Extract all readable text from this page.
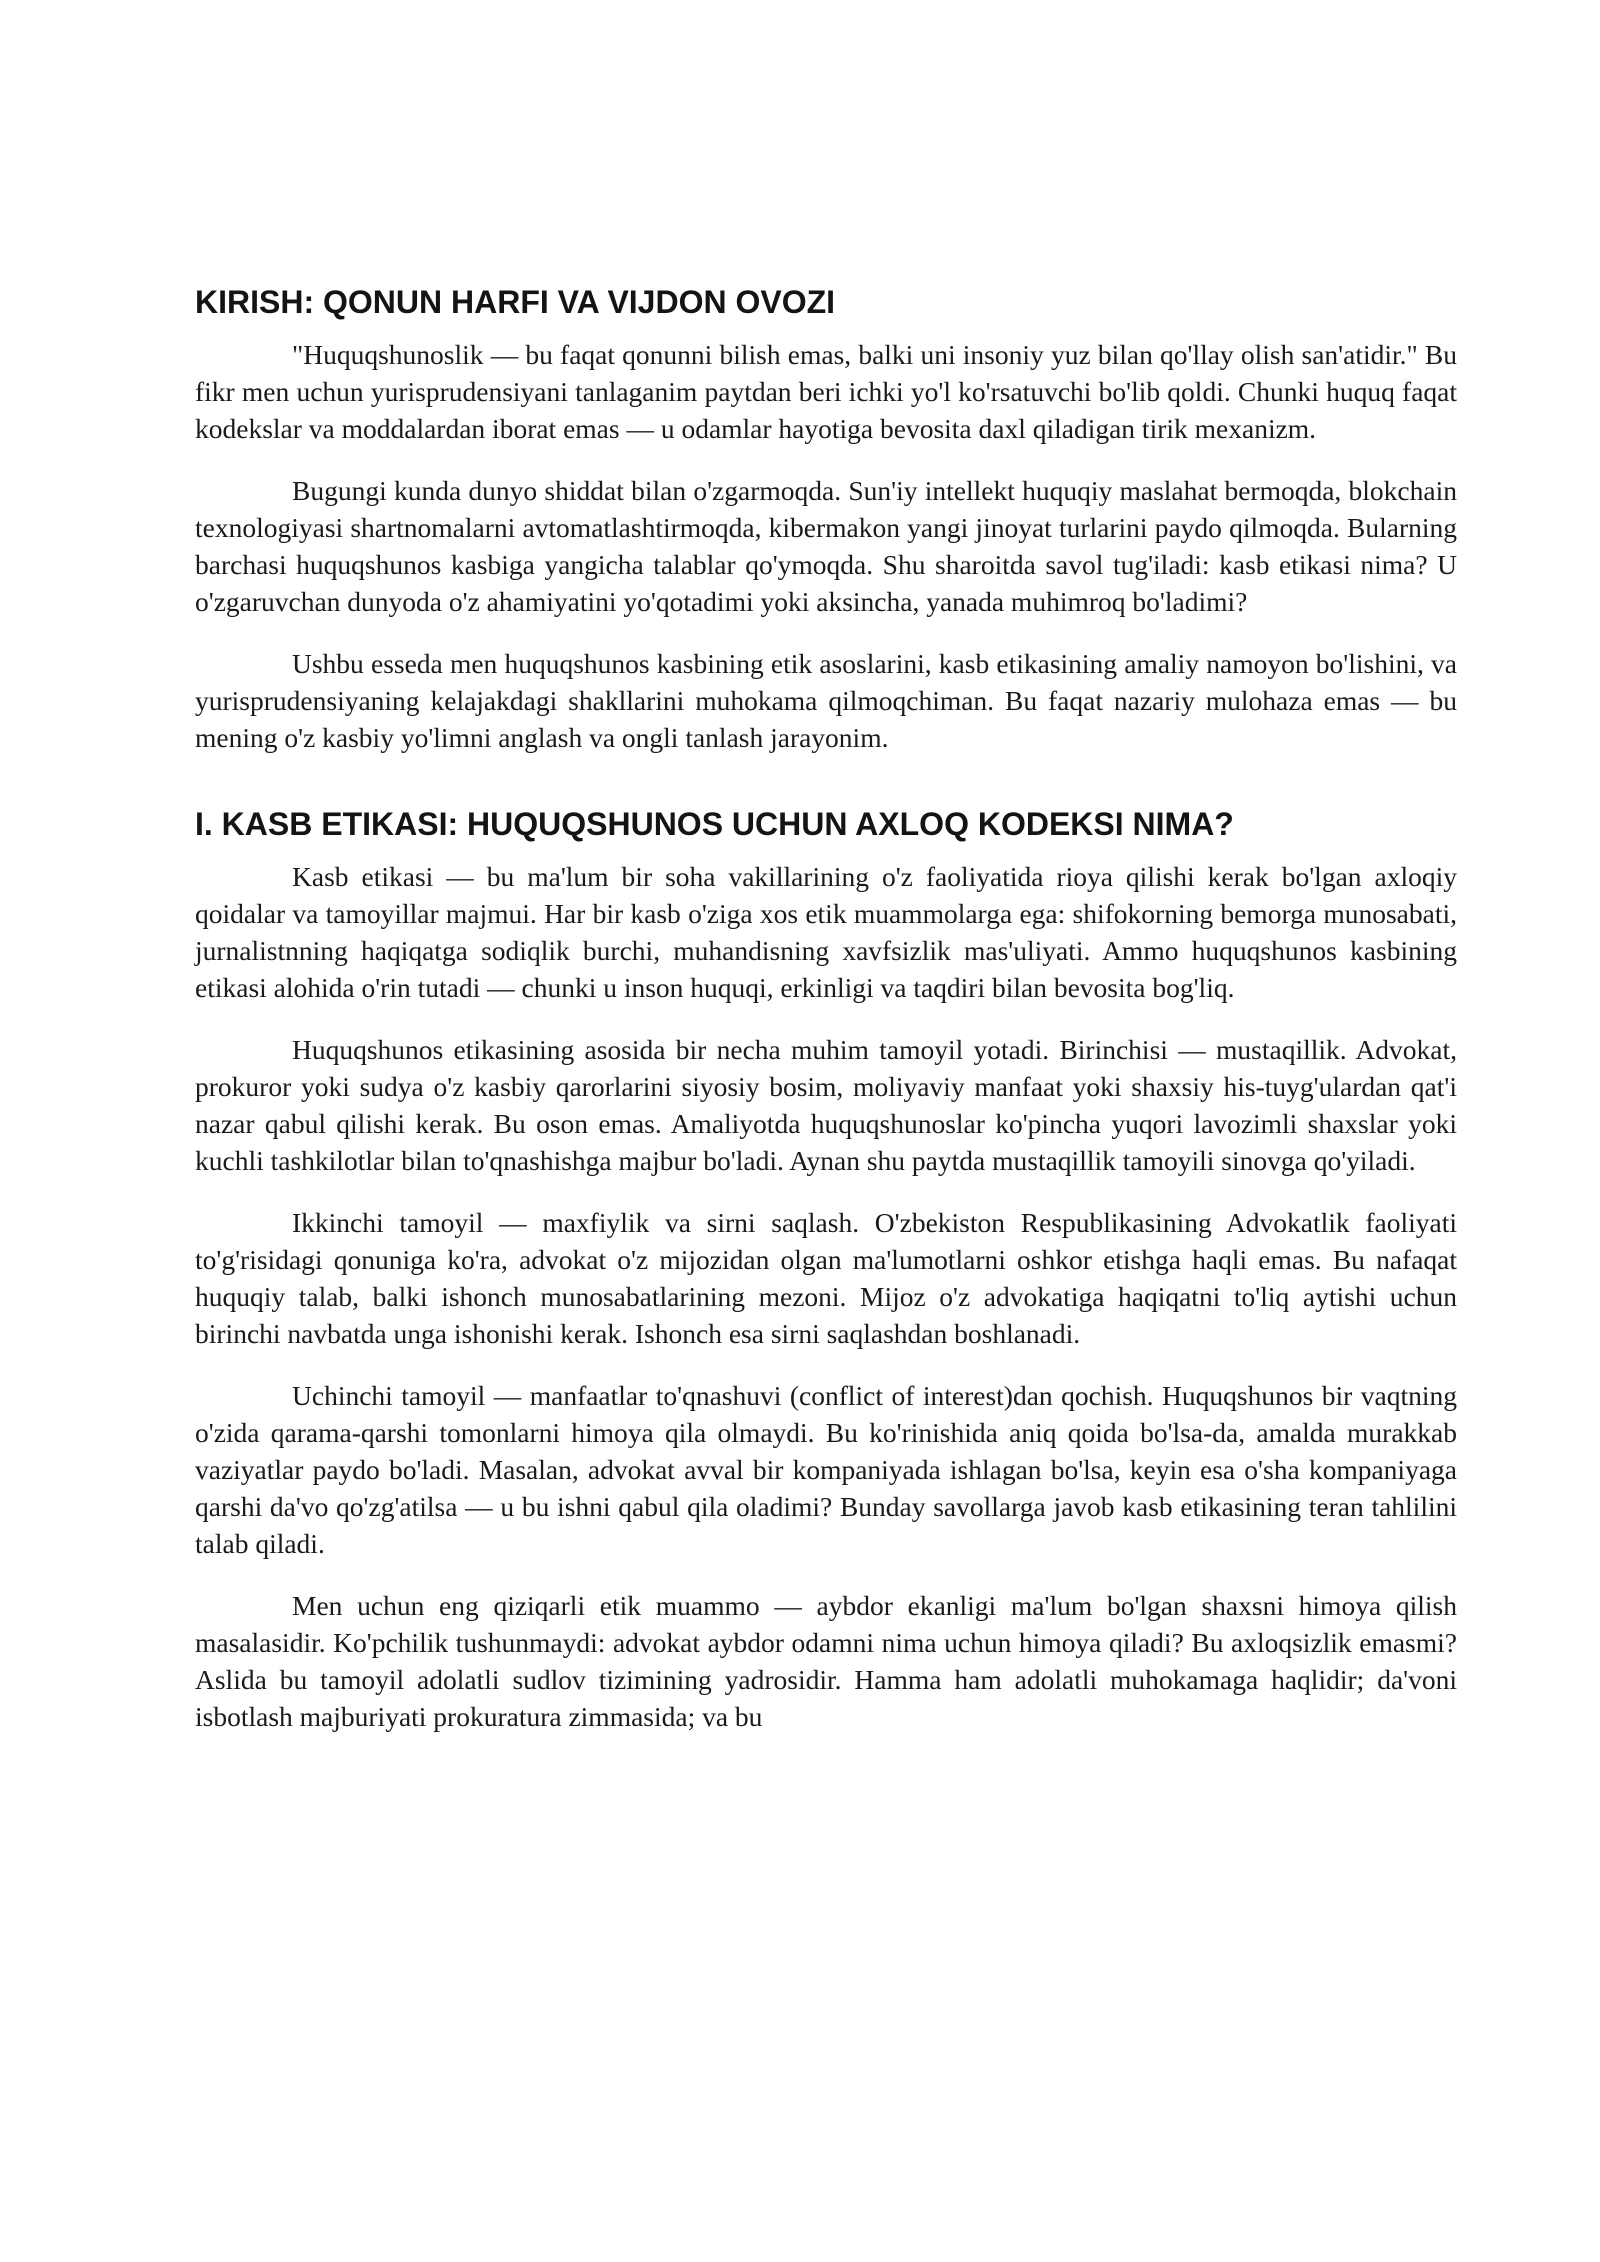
KIRISH: QONUN HARFI VA VIJDON OVOZI

"Huquqshunoslik — bu faqat qonunni bilish emas, balki uni insoniy yuz bilan qo'llay olish san'atidir." Bu fikr men uchun yurisprudensiyani tanlaganim paytdan beri ichki yo'l ko'rsatuvchi bo'lib qoldi. Chunki huquq faqat kodekslar va moddalardan iborat emas — u odamlar hayotiga bevosita daxl qiladigan tirik mexanizm.

Bugungi kunda dunyo shiddat bilan o'zgarmoqda. Sun'iy intellekt huquqiy maslahat bermoqda, blokchain texnologiyasi shartnomalarni avtomatlashtirmoqda, kibermakon yangi jinoyat turlarini paydo qilmoqda. Bularning barchasi huquqshunos kasbiga yangicha talablar qo'ymoqda. Shu sharoitda savol tug'iladi: kasb etikasi nima? U o'zgaruvchan dunyoda o'z ahamiyatini yo'qotadimi yoki aksincha, yanada muhimroq bo'ladimi?

Ushbu esseda men huquqshunos kasbining etik asoslarini, kasb etikasining amaliy namoyon bo'lishini, va yurisprudensiyaning kelajakdagi shakllarini muhokama qilmoqchiman. Bu faqat nazariy mulohaza emas — bu mening o'z kasbiy yo'limni anglash va ongli tanlash jarayonim.

I. KASB ETIKASI: HUQUQSHUNOS UCHUN AXLOQ KODEKSI NIMA?

Kasb etikasi — bu ma'lum bir soha vakillarining o'z faoliyatida rioya qilishi kerak bo'lgan axloqiy qoidalar va tamoyillar majmui. Har bir kasb o'ziga xos etik muammolarga ega: shifokorning bemorga munosabati, jurnalistnning haqiqatga sodiqlik burchi, muhandisning xavfsizlik mas'uliyati. Ammo huquqshunos kasbining etikasi alohida o'rin tutadi — chunki u inson huquqi, erkinligi va taqdiri bilan bevosita bog'liq.

Huquqshunos etikasining asosida bir necha muhim tamoyil yotadi. Birinchisi — mustaqillik. Advokat, prokuror yoki sudya o'z kasbiy qarorlarini siyosiy bosim, moliyaviy manfaat yoki shaxsiy his-tuyg'ulardan qat'i nazar qabul qilishi kerak. Bu oson emas. Amaliyotda huquqshunoslar ko'pincha yuqori lavozimli shaxslar yoki kuchli tashkilotlar bilan to'qnashishga majbur bo'ladi. Aynan shu paytda mustaqillik tamoyili sinovga qo'yiladi.

Ikkinchi tamoyil — maxfiylik va sirni saqlash. O'zbekiston Respublikasining Advokatlik faoliyati to'g'risidagi qonuniga ko'ra, advokat o'z mijozidan olgan ma'lumotlarni oshkor etishga haqli emas. Bu nafaqat huquqiy talab, balki ishonch munosabatlarining mezoni. Mijoz o'z advokatiga haqiqatni to'liq aytishi uchun birinchi navbatda unga ishonishi kerak. Ishonch esa sirni saqlashdan boshlanadi.

Uchinchi tamoyil — manfaatlar to'qnashuvi (conflict of interest)dan qochish. Huquqshunos bir vaqtning o'zida qarama-qarshi tomonlarni himoya qila olmaydi. Bu ko'rinishida aniq qoida bo'lsa-da, amalda murakkab vaziyatlar paydo bo'ladi. Masalan, advokat avval bir kompaniyada ishlagan bo'lsa, keyin esa o'sha kompaniyaga qarshi da'vo qo'zg'atilsa — u bu ishni qabul qila oladimi? Bunday savollarga javob kasb etikasining teran tahlilini talab qiladi.

Men uchun eng qiziqarli etik muammo — aybdor ekanligi ma'lum bo'lgan shaxsni himoya qilish masalasidir. Ko'pchilik tushunmaydi: advokat aybdor odamni nima uchun himoya qiladi? Bu axloqsizlik emasmi? Aslida bu tamoyil adolatli sudlov tizimining yadrosidir. Hamma ham adolatli muhokamaga haqlidir; da'voni isbotlash majburiyati prokuratura zimmasida; va bu
